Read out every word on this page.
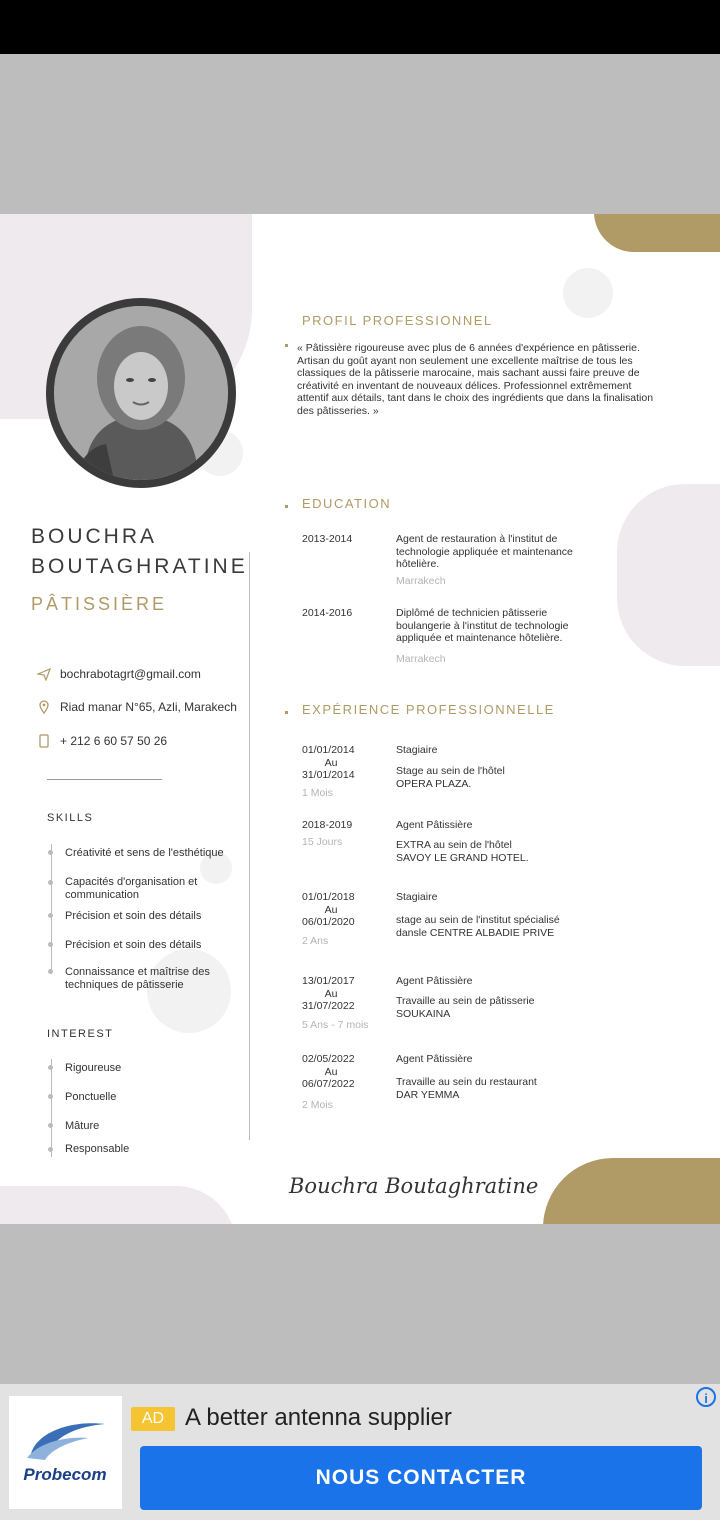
BOUCHRA
BOUTAGHRATINE
PÂTISSIÈRE
bochrabotagrt@gmail.com
Riad manar N°65, Azli, Marakech
+ 212 6 60 57 50 26
SKILLS
Créativité et sens de l'esthétique
Capacités d'organisation et communication
Précision et soin des détails
Précision et soin des détails
Connaissance et maîtrise des techniques de pâtisserie
INTEREST
Rigoureuse
Ponctuelle
Mâture
Responsable
PROFIL PROFESSIONNEL
« Pâtissière rigoureuse avec plus de 6 années d'expérience en pâtisserie. Artisan du goût ayant non seulement une excellente maîtrise de tous les classiques de la pâtisserie marocaine, mais sachant aussi faire preuve de créativité en inventant de nouveaux délices. Professionnel extrêmement attentif aux détails, tant dans le choix des ingrédients que dans la finalisation des pâtisseries. »
EDUCATION
2013-2014	Agent de restauration à l'institut de technologie appliquée et maintenance hôtelière.
Marrakech
2014-2016	Diplômé de technicien pâtisserie boulangerie à l'institut de technologie appliquée et maintenance hôtelière.
Marrakech
EXPÉRIENCE PROFESSIONNELLE
01/01/2014
Au
31/01/2014
1 Mois
Stagiaire
Stage au sein de l'hôtel
OPERA PLAZA.
2018-2019
15 Jours
Agent Pâtissière
EXTRA au sein de l'hôtel
SAVOY LE GRAND HOTEL.
01/01/2018
Au
06/01/2020
2 Ans
Stagiaire
stage au sein de l'institut spécialisé
dansle CENTRE ALBADIE PRIVE
13/01/2017
Au
31/07/2022
5 Ans - 7 mois
Agent Pâtissière
Travaille au sein de pâtisserie
SOUKAINA
02/05/2022
Au
06/07/2022
2 Mois
Agent Pâtissière
Travaille au sein du restaurant
DAR YEMMA
Bouchra Boutaghratine
Probecom
AD A better antenna supplier
NOUS CONTACTER
i
